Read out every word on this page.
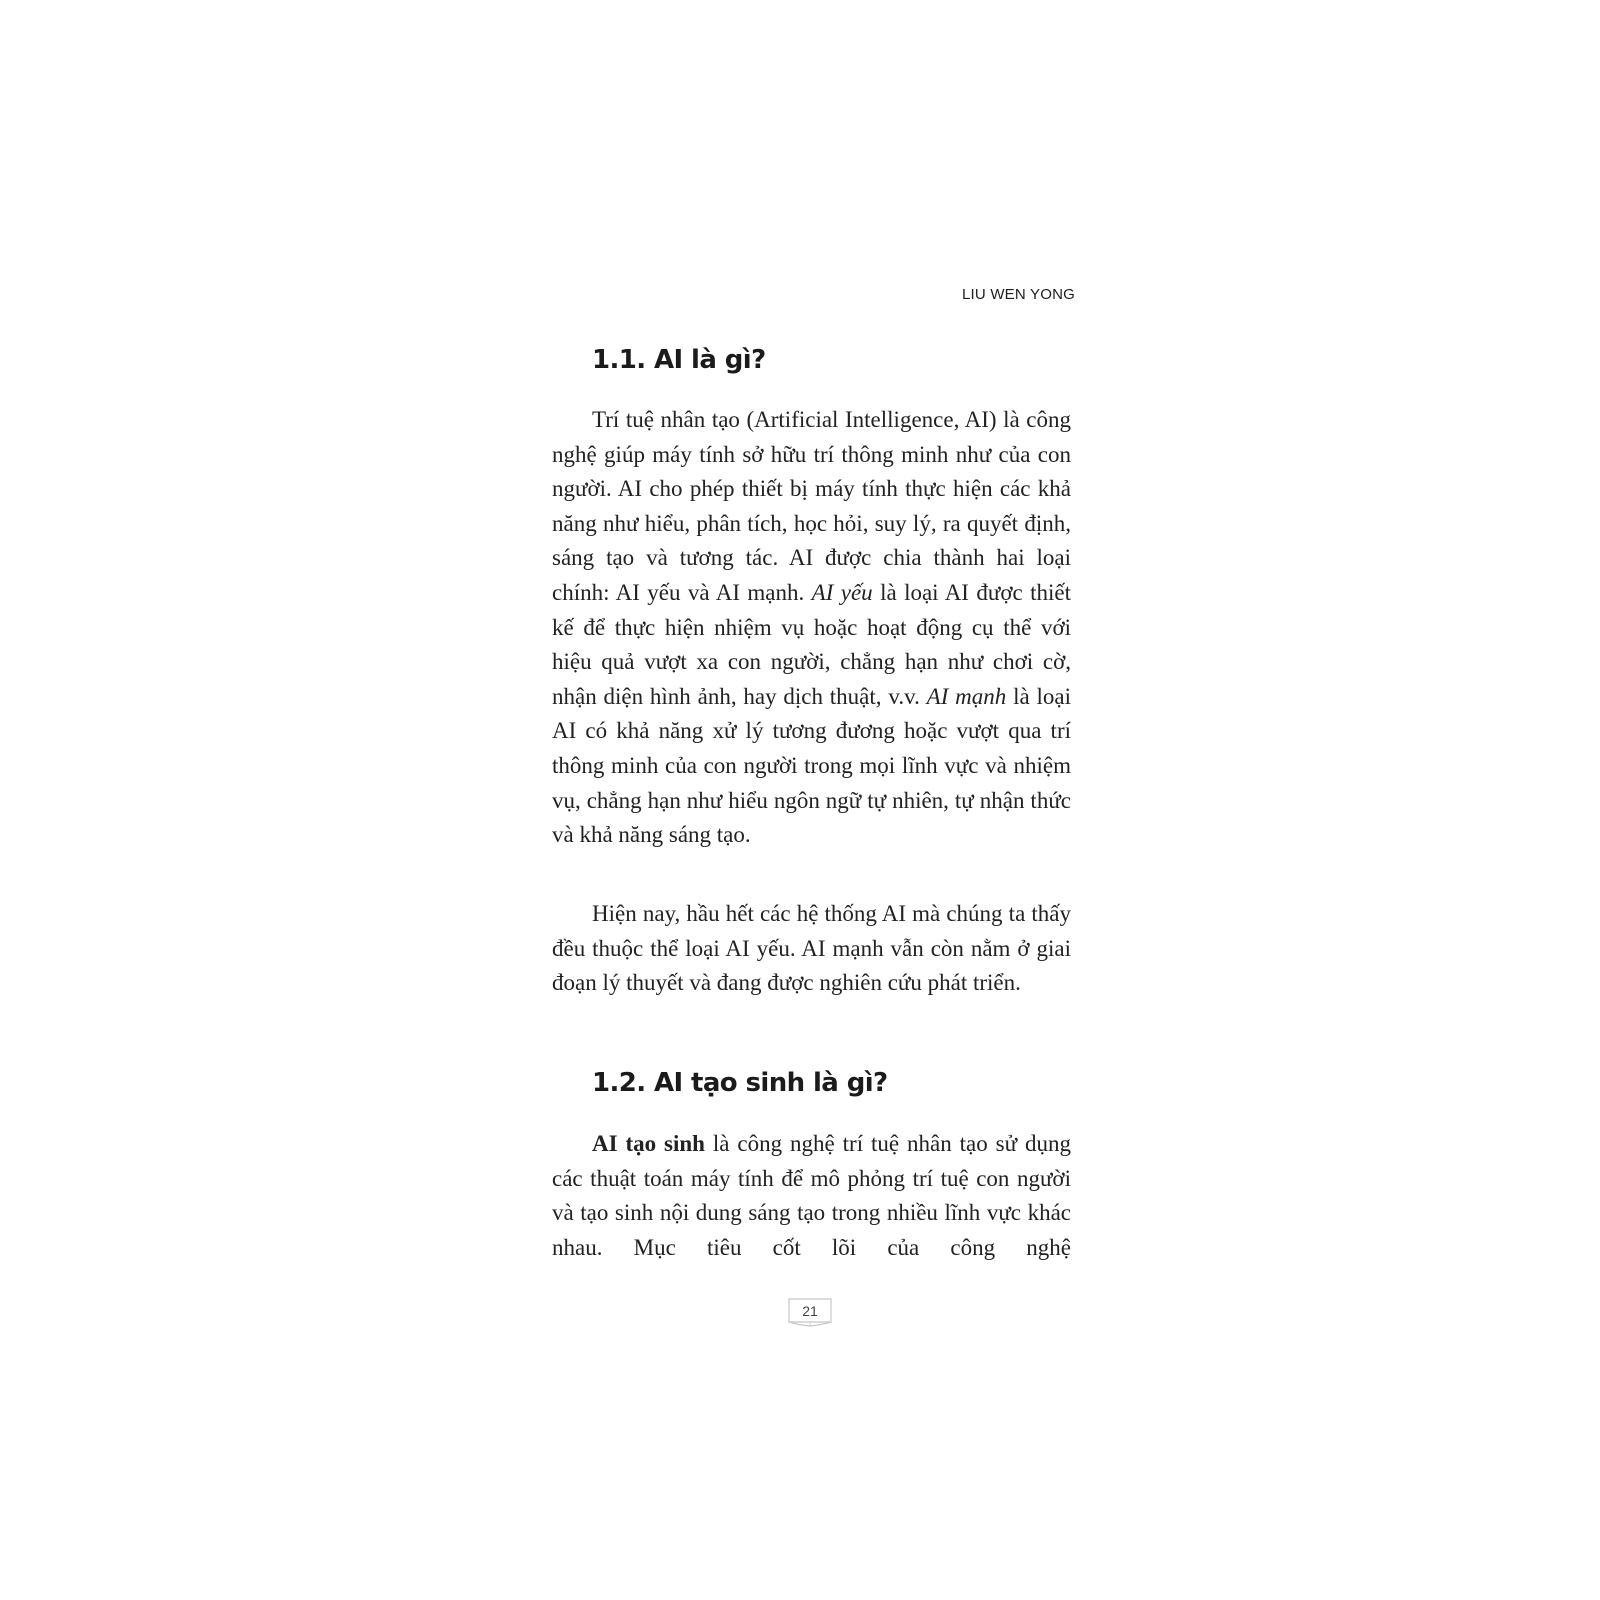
LIU WEN YONG
1.1. AI là gì?

Trí tuệ nhân tạo (Artificial Intelligence, AI) là công nghệ giúp máy tính sở hữu trí thông minh như của con người. AI cho phép thiết bị máy tính thực hiện các khả năng như hiểu, phân tích, học hỏi, suy lý, ra quyết định, sáng tạo và tương tác. AI được chia thành hai loại chính: AI yếu và AI mạnh. AI yếu là loại AI được thiết kế để thực hiện nhiệm vụ hoặc hoạt động cụ thể với hiệu quả vượt xa con người, chẳng hạn như chơi cờ, nhận diện hình ảnh, hay dịch thuật, v.v. AI mạnh là loại AI có khả năng xử lý tương đương hoặc vượt qua trí thông minh của con người trong mọi lĩnh vực và nhiệm vụ, chẳng hạn như hiểu ngôn ngữ tự nhiên, tự nhận thức và khả năng sáng tạo.

Hiện nay, hầu hết các hệ thống AI mà chúng ta thấy đều thuộc thể loại AI yếu. AI mạnh vẫn còn nằm ở giai đoạn lý thuyết và đang được nghiên cứu phát triển.

1.2. AI tạo sinh là gì?

AI tạo sinh là công nghệ trí tuệ nhân tạo sử dụng các thuật toán máy tính để mô phỏng trí tuệ con người và tạo sinh nội dung sáng tạo trong nhiều lĩnh vực khác nhau. Mục tiêu cốt lõi của công nghệ

21
